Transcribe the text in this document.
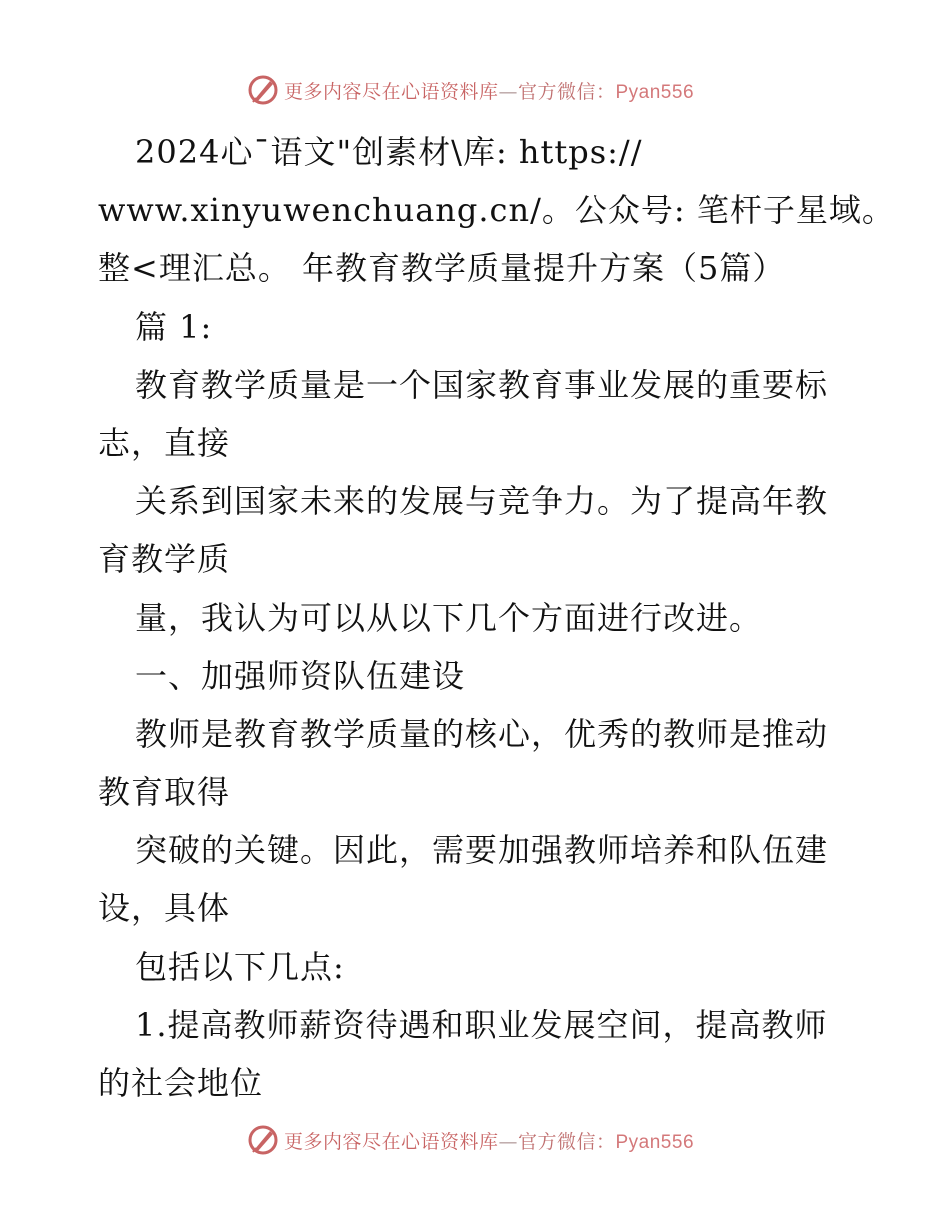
更多内容尽在心语资料库—官方微信：Pyan556
2024心¯语文"创素材\库: https://
www.xinyuwenchuang.cn/。公众号: 笔杆子星域。
整<理汇总。 年教育教学质量提升方案（5篇）
篇 1:
教育教学质量是一个国家教育事业发展的重要标
志，直接
关系到国家未来的发展与竞争力。为了提高年教
育教学质
量，我认为可以从以下几个方面进行改进。
一、加强师资队伍建设
教师是教育教学质量的核心，优秀的教师是推动
教育取得
突破的关键。因此，需要加强教师培养和队伍建
设，具体
包括以下几点:
1.提高教师薪资待遇和职业发展空间，提高教师
的社会地位
更多内容尽在心语资料库—官方微信：Pyan556
